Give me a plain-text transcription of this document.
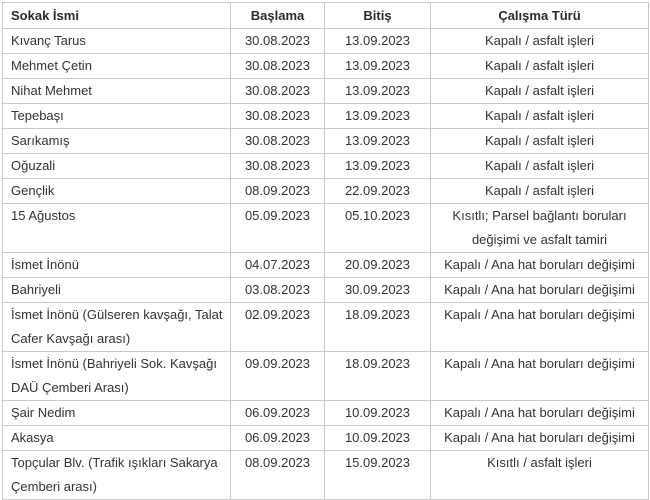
Sokak İsmi	Başlama	Bitiş	Çalışma Türü
Kıvanç Tarus	30.08.2023	13.09.2023	Kapalı / asfalt işleri
Mehmet Çetin	30.08.2023	13.09.2023	Kapalı / asfalt işleri
Nihat Mehmet	30.08.2023	13.09.2023	Kapalı / asfalt işleri
Tepebaşı	30.08.2023	13.09.2023	Kapalı / asfalt işleri
Sarıkamış	30.08.2023	13.09.2023	Kapalı / asfalt işleri
Oğuzali	30.08.2023	13.09.2023	Kapalı / asfalt işleri
Gençlik	08.09.2023	22.09.2023	Kapalı / asfalt işleri
15 Ağustos	05.09.2023	05.10.2023	Kısıtlı; Parsel bağlantı boruları değişimi ve asfalt tamiri
İsmet İnönü	04.07.2023	20.09.2023	Kapalı / Ana hat boruları değişimi
Bahriyeli	03.08.2023	30.09.2023	Kapalı / Ana hat boruları değişimi
İsmet İnönü (Gülseren kavşağı, Talat Cafer Kavşağı arası)	02.09.2023	18.09.2023	Kapalı / Ana hat boruları değişimi
İsmet İnönü (Bahriyeli Sok. Kavşağı DAÜ Çemberi Arası)	09.09.2023	18.09.2023	Kapalı / Ana hat boruları değişimi
Şair Nedim	06.09.2023	10.09.2023	Kapalı / Ana hat boruları değişimi
Akasya	06.09.2023	10.09.2023	Kapalı / Ana hat boruları değişimi
Topçular Blv. (Trafik ışıkları Sakarya Çemberi arası)	08.09.2023	15.09.2023	Kısıtlı / asfalt işleri
